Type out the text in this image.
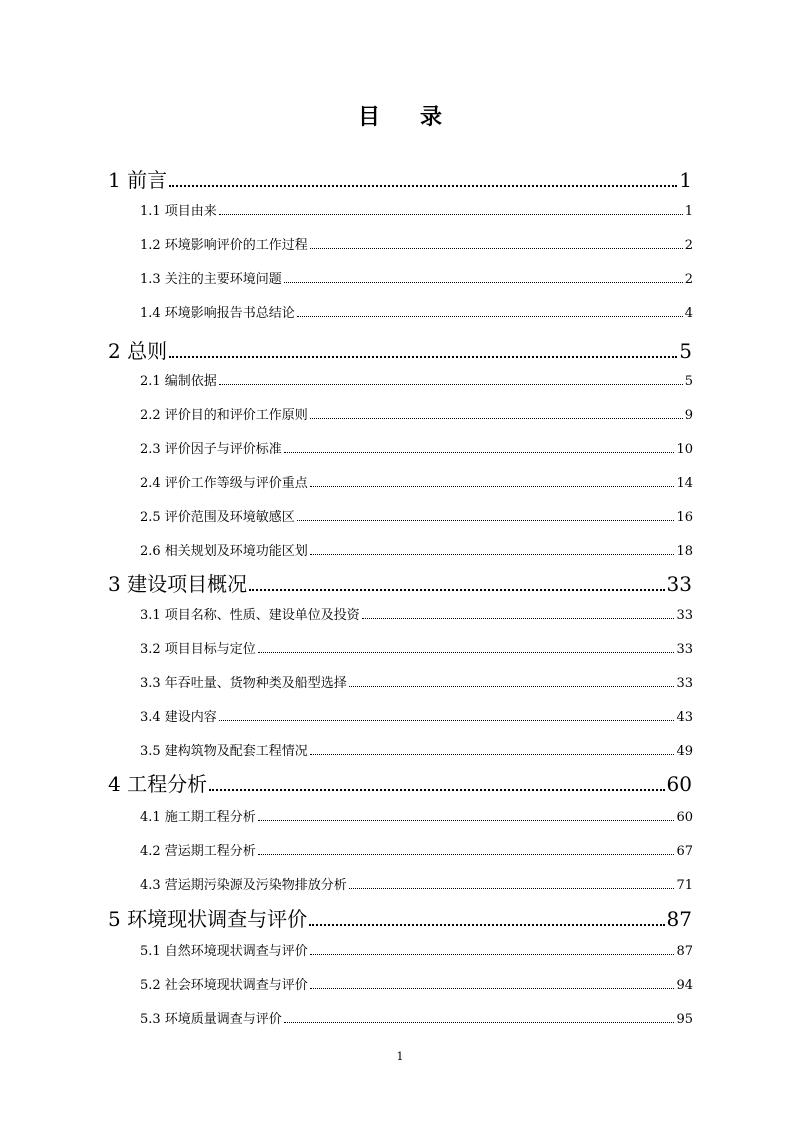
目录
1 前言	1
1.1 项目由来	1
1.2 环境影响评价的工作过程	2
1.3 关注的主要环境问题	2
1.4 环境影响报告书总结论	4
2 总则	5
2.1 编制依据	5
2.2 评价目的和评价工作原则	9
2.3 评价因子与评价标准	10
2.4 评价工作等级与评价重点	14
2.5 评价范围及环境敏感区	16
2.6 相关规划及环境功能区划	18
3 建设项目概况	33
3.1 项目名称、性质、建设单位及投资	33
3.2 项目目标与定位	33
3.3 年吞吐量、货物种类及船型选择	33
3.4 建设内容	43
3.5 建构筑物及配套工程情况	49
4 工程分析	60
4.1 施工期工程分析	60
4.2 营运期工程分析	67
4.3 营运期污染源及污染物排放分析	71
5 环境现状调查与评价	87
5.1 自然环境现状调查与评价	87
5.2 社会环境现状调查与评价	94
5.3 环境质量调查与评价	95
1
